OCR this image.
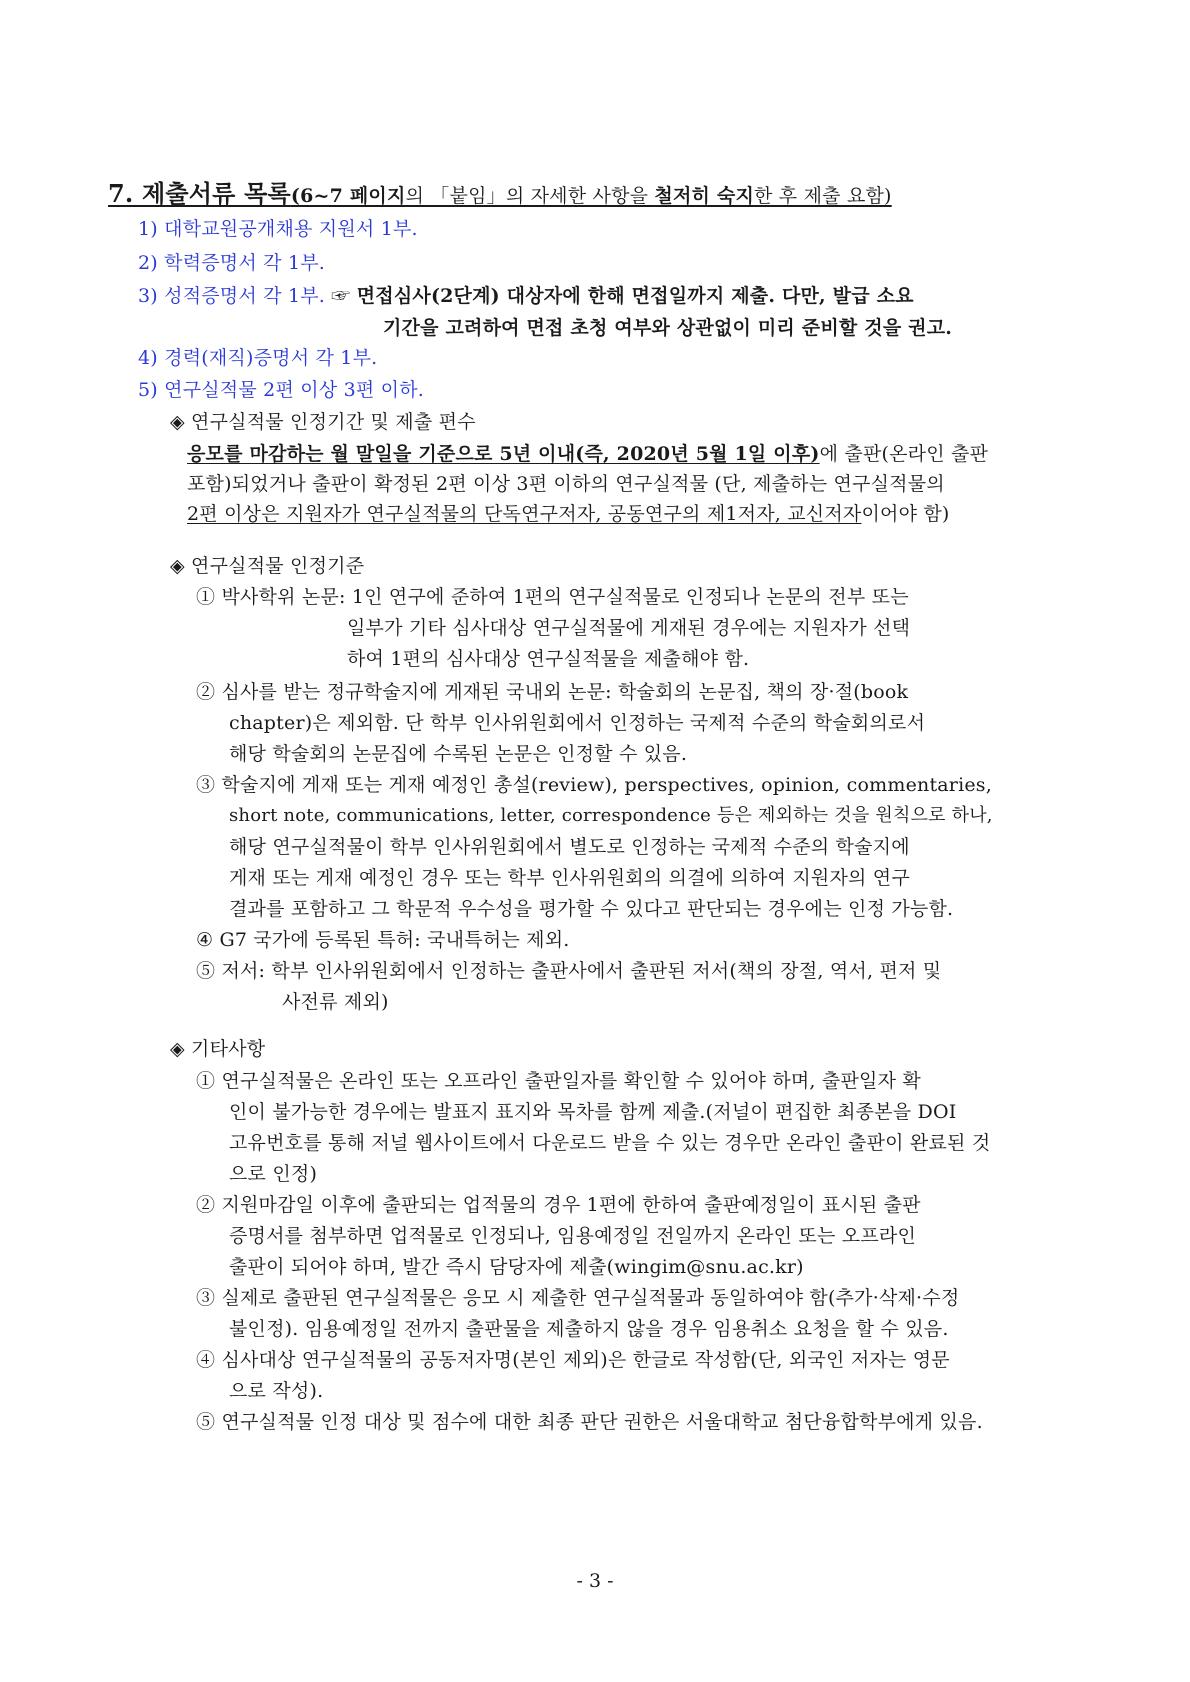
7. 제출서류 목록(6~7 페이지의 「붙임」의 자세한 사항을 철저히 숙지한 후 제출 요함)
1) 대학교원공개채용 지원서 1부.
2) 학력증명서 각 1부.
3) 성적증명서 각 1부. ☞ 면접심사(2단계) 대상자에 한해 면접일까지 제출. 다만, 발급 소요
기간을 고려하여 면접 초청 여부와 상관없이 미리 준비할 것을 권고.
4) 경력(재직)증명서 각 1부.
5) 연구실적물 2편 이상 3편 이하.
◈ 연구실적물 인정기간 및 제출 편수
응모를 마감하는 월 말일을 기준으로 5년 이내(즉, 2020년 5월 1일 이후)에 출판(온라인 출판
포함)되었거나 출판이 확정된 2편 이상 3편 이하의 연구실적물 (단, 제출하는 연구실적물의
2편 이상은 지원자가 연구실적물의 단독연구저자, 공동연구의 제1저자, 교신저자이어야 함)
◈ 연구실적물 인정기준
① 박사학위 논문: 1인 연구에 준하여 1편의 연구실적물로 인정되나 논문의 전부 또는
일부가 기타 심사대상 연구실적물에 게재된 경우에는 지원자가 선택
하여 1편의 심사대상 연구실적물을 제출해야 함.
② 심사를 받는 정규학술지에 게재된 국내외 논문: 학술회의 논문집, 책의 장·절(book
chapter)은 제외함. 단 학부 인사위원회에서 인정하는 국제적 수준의 학술회의로서
해당 학술회의 논문집에 수록된 논문은 인정할 수 있음.
③ 학술지에 게재 또는 게재 예정인 총설(review), perspectives, opinion, commentaries,
short note, communications, letter, correspondence 등은 제외하는 것을 원칙으로 하나,
해당 연구실적물이 학부 인사위원회에서 별도로 인정하는 국제적 수준의 학술지에
게재 또는 게재 예정인 경우 또는 학부 인사위원회의 의결에 의하여 지원자의 연구
결과를 포함하고 그 학문적 우수성을 평가할 수 있다고 판단되는 경우에는 인정 가능함.
④ G7 국가에 등록된 특허: 국내특허는 제외.
⑤ 저서: 학부 인사위원회에서 인정하는 출판사에서 출판된 저서(책의 장절, 역서, 편저 및
사전류 제외)
◈ 기타사항
① 연구실적물은 온라인 또는 오프라인 출판일자를 확인할 수 있어야 하며, 출판일자 확
인이 불가능한 경우에는 발표지 표지와 목차를 함께 제출.(저널이 편집한 최종본을 DOI
고유번호를 통해 저널 웹사이트에서 다운로드 받을 수 있는 경우만 온라인 출판이 완료된 것
으로 인정)
② 지원마감일 이후에 출판되는 업적물의 경우 1편에 한하여 출판예정일이 표시된 출판
증명서를 첨부하면 업적물로 인정되나, 임용예정일 전일까지 온라인 또는 오프라인
출판이 되어야 하며, 발간 즉시 담당자에 제출(wingim@snu.ac.kr)
③ 실제로 출판된 연구실적물은 응모 시 제출한 연구실적물과 동일하여야 함(추가·삭제·수정
불인정). 임용예정일 전까지 출판물을 제출하지 않을 경우 임용취소 요청을 할 수 있음.
④ 심사대상 연구실적물의 공동저자명(본인 제외)은 한글로 작성함(단, 외국인 저자는 영문
으로 작성).
⑤ 연구실적물 인정 대상 및 점수에 대한 최종 판단 권한은 서울대학교 첨단융합학부에게 있음.
- 3 -
